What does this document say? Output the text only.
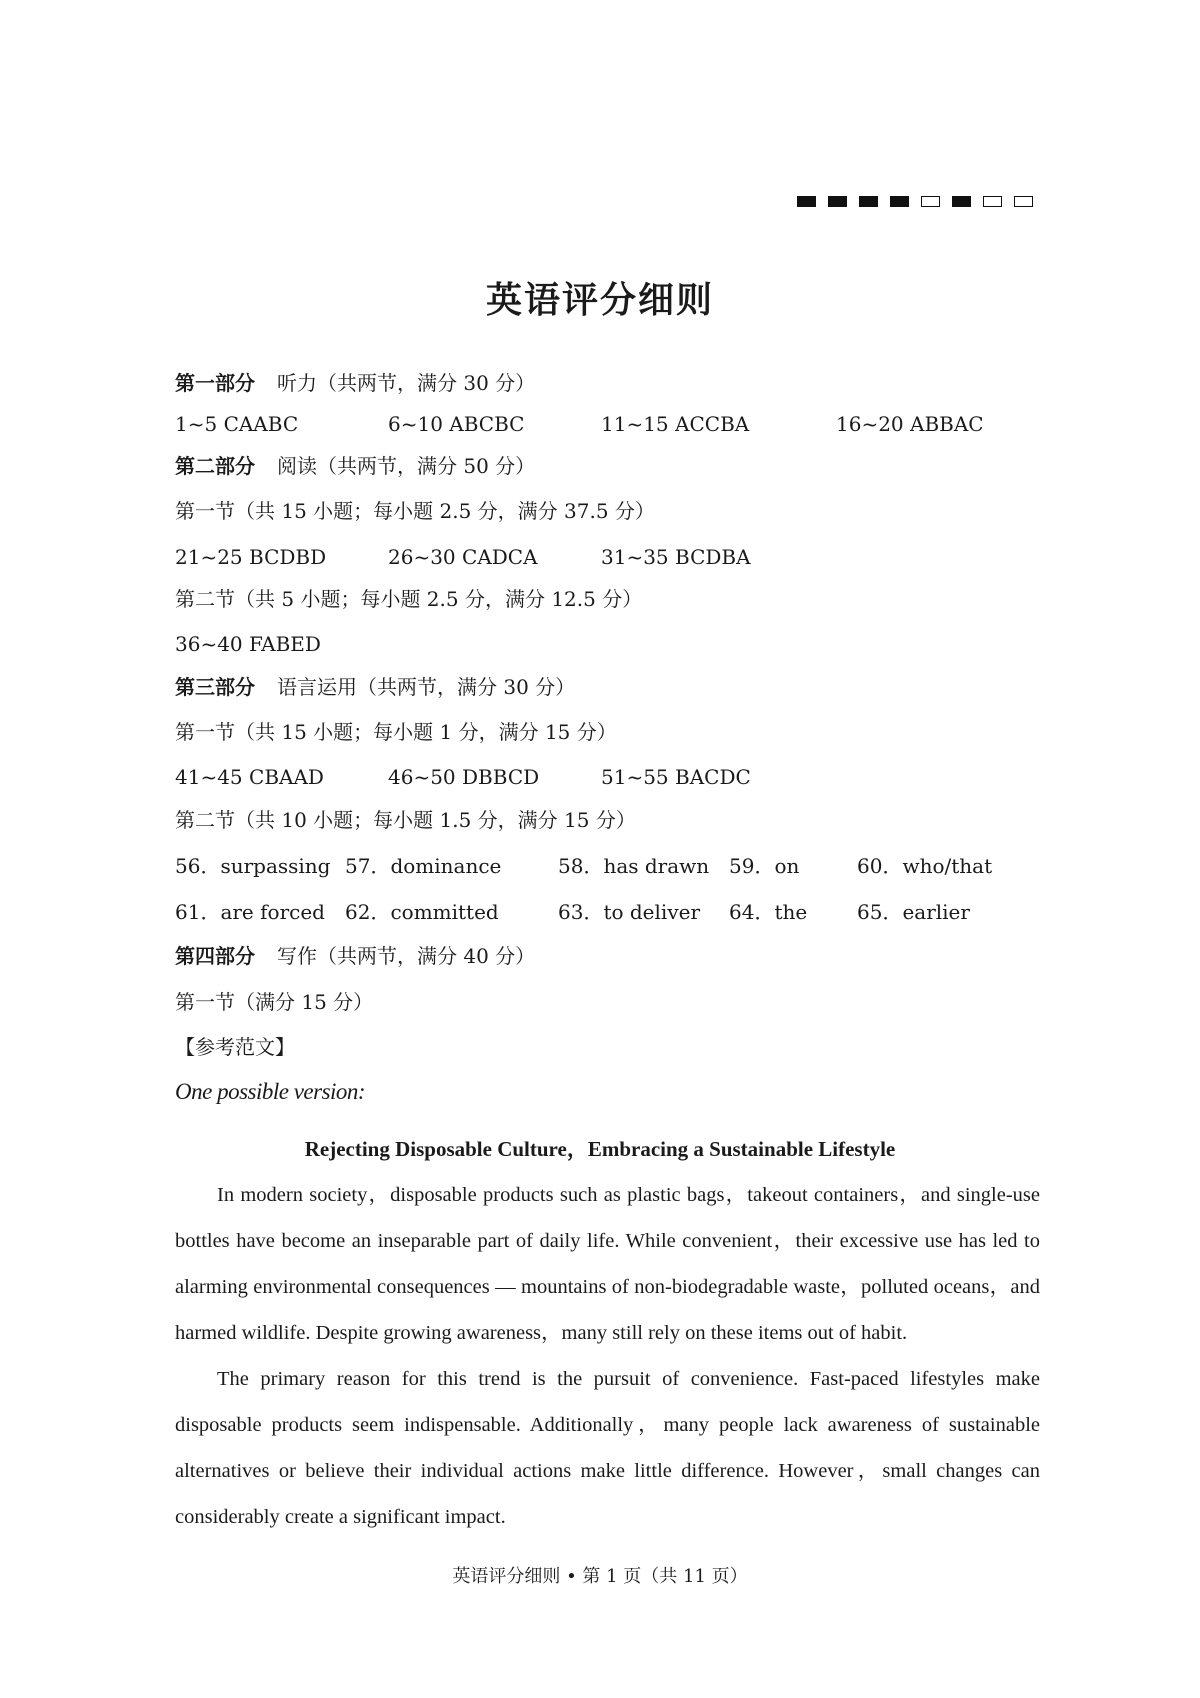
英语评分细则
第一部分 听力（共两节，满分 30 分）
1~5 CAABC	6~10 ABCBC	11~15 ACCBA	16~20 ABBAC
第二部分 阅读（共两节，满分 50 分）
第一节（共 15 小题；每小题 2.5 分，满分 37.5 分）
21~25 BCDBD	26~30 CADCA	31~35 BCDBA
第二节（共 5 小题；每小题 2.5 分，满分 12.5 分）
36~40 FABED
第三部分 语言运用（共两节，满分 30 分）
第一节（共 15 小题；每小题 1 分，满分 15 分）
41~45 CBAAD	46~50 DBBCD	51~55 BACDC
第二节（共 10 小题；每小题 1.5 分，满分 15 分）
56．surpassing 57．dominance	58．has drawn 59．on	60．who/that
61．are forced 62．committed	63．to deliver 64．the 65．earlier
第四部分 写作（共两节，满分 40 分）
第一节（满分 15 分）
【参考范文】
One possible version:
Rejecting Disposable Culture，Embracing a Sustainable Lifestyle

In modern society，disposable products such as plastic bags，takeout containers，and single-use bottles have become an inseparable part of daily life. While convenient，their excessive use has led to alarming environmental consequences — mountains of non-biodegradable waste，polluted oceans，and harmed wildlife. Despite growing awareness，many still rely on these items out of habit.

The primary reason for this trend is the pursuit of convenience. Fast-paced lifestyles make disposable products seem indispensable. Additionally，many people lack awareness of sustainable alternatives or believe their individual actions make little difference. However，small changes can considerably create a significant impact.

英语评分细则 • 第 1 页（共 11 页）
